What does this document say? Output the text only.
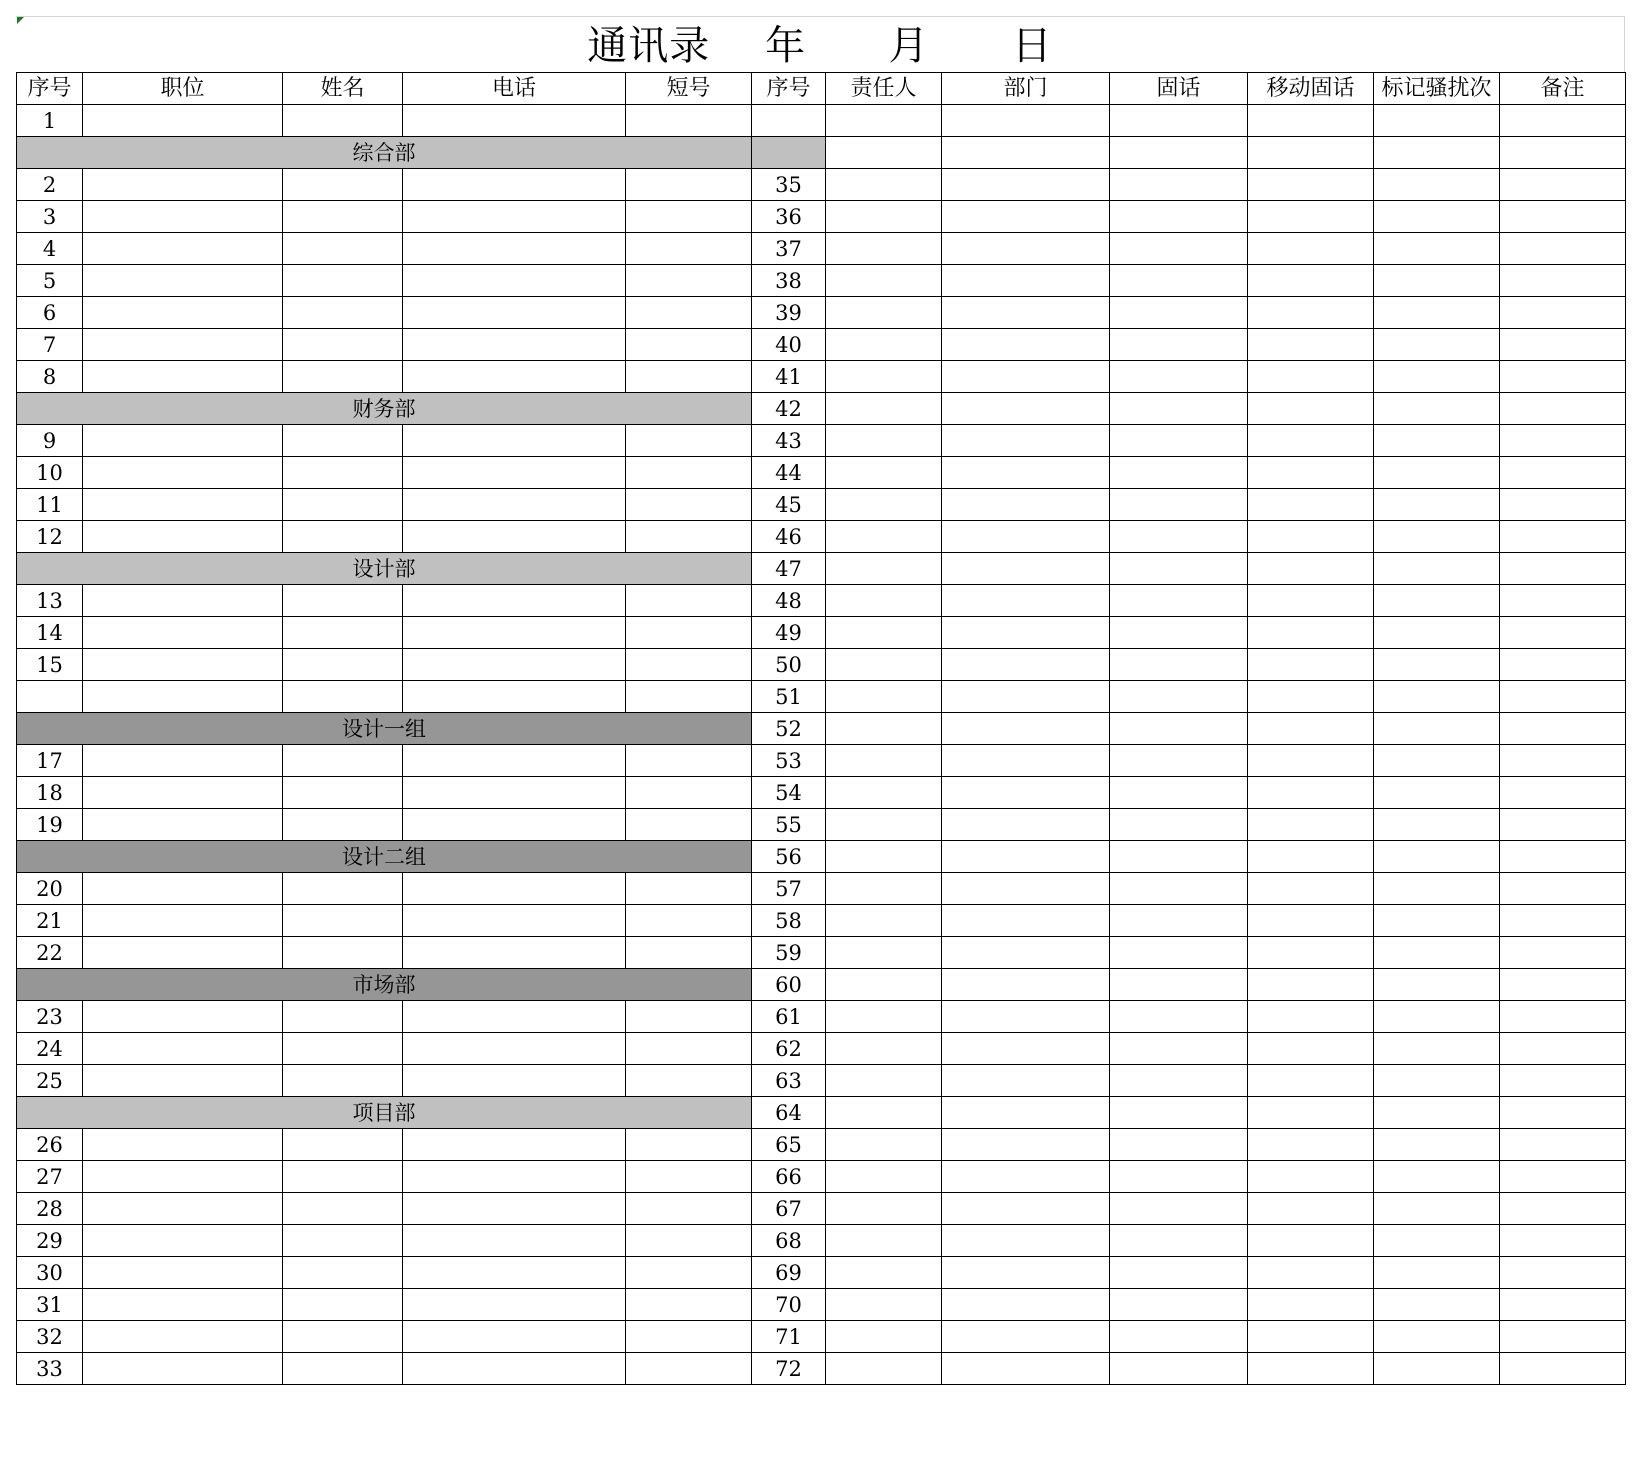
通讯录    年      月      日
序号	职位	姓名	电话	短号	序号	责任人	部门	固话	移动固话	标记骚扰次	备注
1											
综合部											
2					35						
3					36						
4					37						
5					38						
6					39						
7					40						
8					41						
财务部					42						
9					43						
10					44						
11					45						
12					46						
设计部					47						
13					48						
14					49						
15					50						
					51						
设计一组					52						
17					53						
18					54						
19					55						
设计二组					56						
20					57						
21					58						
22					59						
市场部					60						
23					61						
24					62						
25					63						
项目部					64						
26					65						
27					66						
28					67						
29					68						
30					69						
31					70						
32					71						
33					72						
